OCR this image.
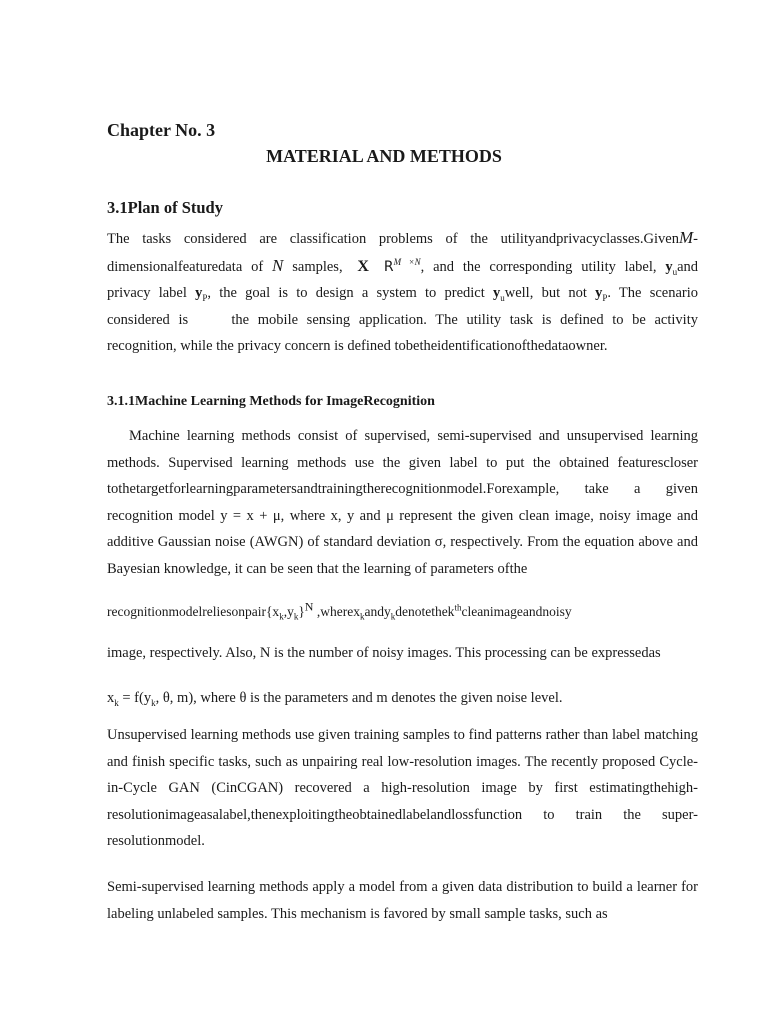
Chapter No. 3
MATERIAL AND METHODS
3.1Plan of Study
The tasks considered are classification problems of the utilityandprivacyclasses.GivenM-
dimensionalfeaturedata of N samples, X $R^{M \times N}$, and the corresponding utility label, $y_uand$
privacy label $y_P$, the goal is to design a system to predict $y_uwell$, but not $y_P$. The scenario
considered is     the mobile sensing application. The utility task is defined to be activity
recognition, while the privacy concern is defined tobetheidentificationofthedataowner.
3.1.1Machine Learning Methods for ImageRecognition
Machine learning methods consist of supervised, semi-supervised and unsupervised learning methods. Supervised learning methods use the given label to put the obtained featurescloser​tothetargetforlearningparametersandtrainingtherecognitionmodel.Forexample, take a given recognition model y = x + μ, where x, y and μ represent the given clean image, noisy image and additive Gaussian noise (AWGN) of standard deviation σ, respectively. From the equation above and Bayesian knowledge, it can be seen that the learning of parameters ofthe
$recognitionmodelreliesonpair\{x_k,y_k\}^N$ ,wherex$_k$andy$_k$denotethek$^{th}$cleanimageandnoisy
image, respectively. Also, N is the number of noisy images. This processing can be expressedas
$x_k = f(y_k$, θ, m), where θ is the parameters and m denotes the given noise level.
Unsupervised learning methods use given training samples to find patterns rather than label matching and finish specific tasks, such as unpairing real low-resolution images. The recently proposed Cycle-in-Cycle GAN (CinCGAN) recovered a high-resolution image by first estimatingthehigh-resolutionimageasalabel,thenexploitingtheobtainedlabelandlossfunction to train the super-resolutionmodel.
Semi-supervised learning methods apply a model from a given data distribution to build a learner for labeling unlabeled samples. This mechanism is favored by small sample tasks, such as
